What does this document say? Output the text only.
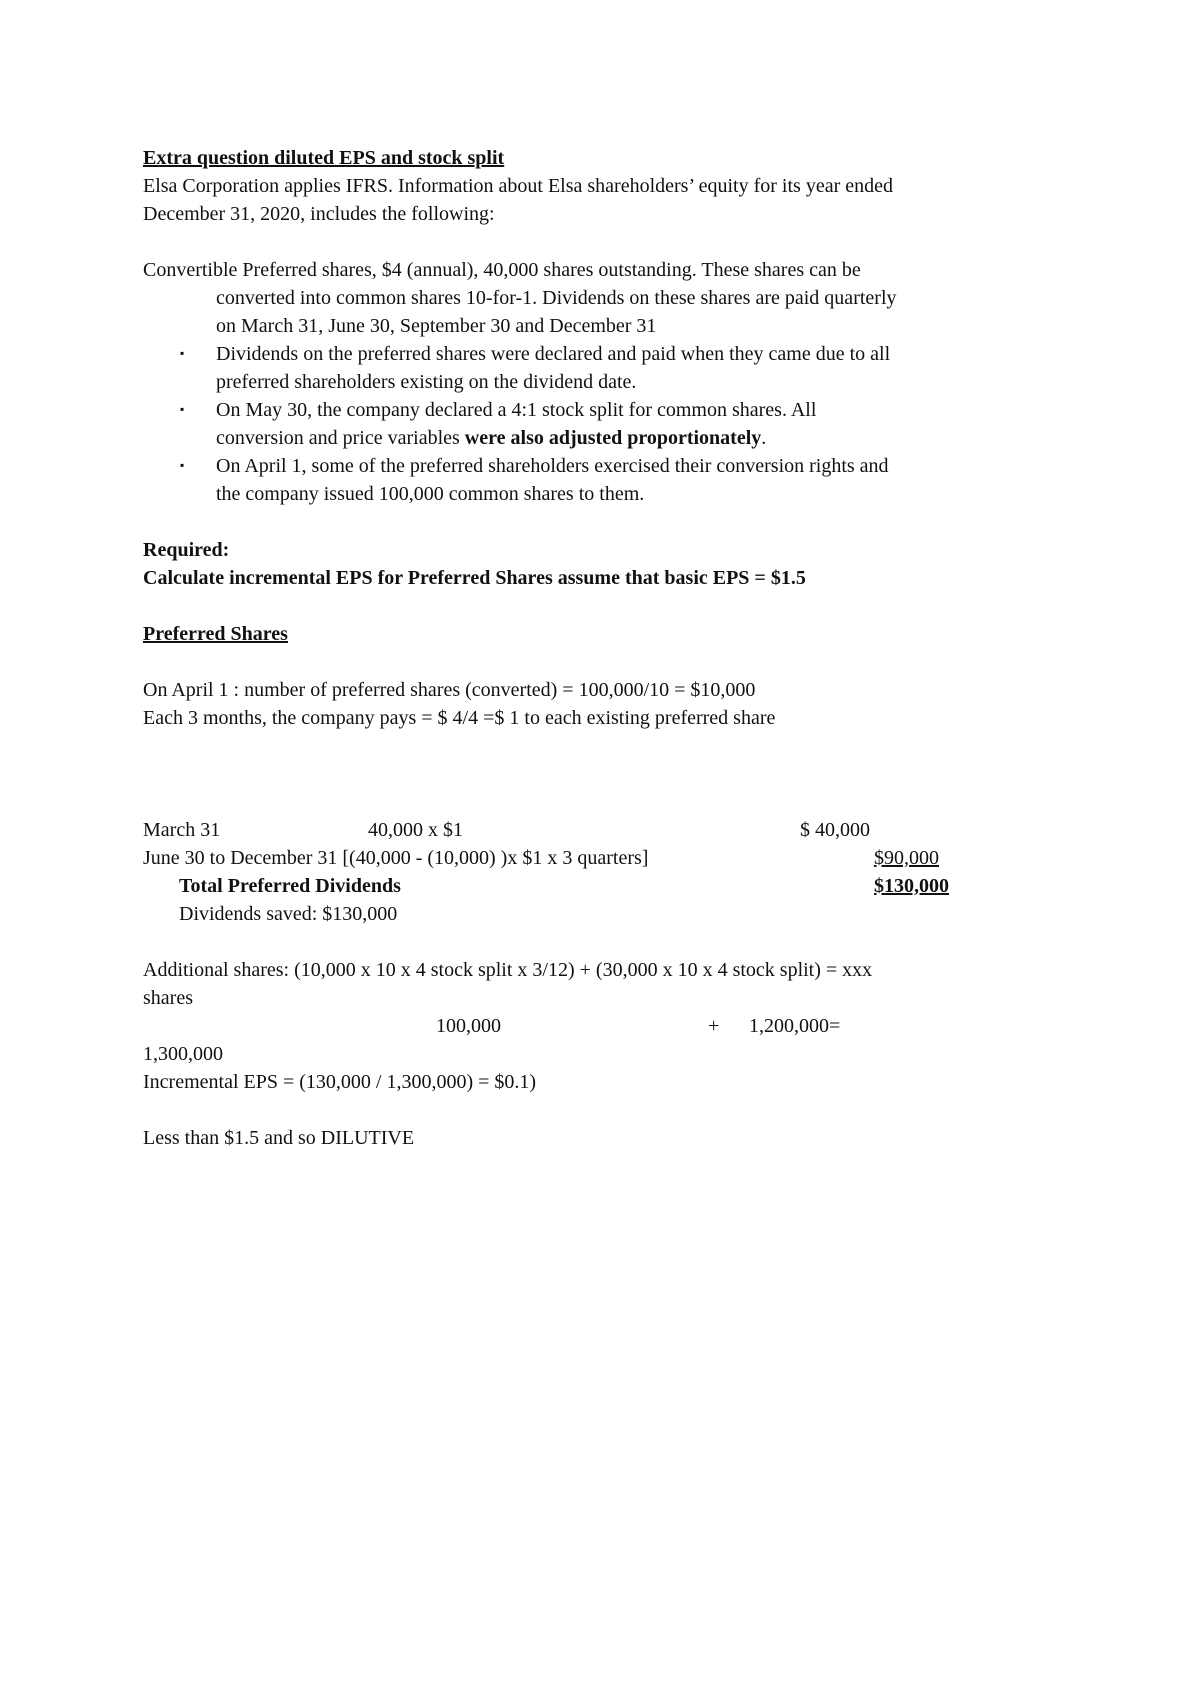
Extra question diluted EPS and stock split
Elsa Corporation applies IFRS. Information about Elsa shareholders’ equity for its year ended
December 31, 2020, includes the following:
Convertible Preferred shares, $4 (annual), 40,000 shares outstanding. These shares can be
converted into common shares 10-for-1. Dividends on these shares are paid quarterly
on March 31, June 30, September 30 and December 31
▪ Dividends on the preferred shares were declared and paid when they came due to all
preferred shareholders existing on the dividend date.
▪ On May 30, the company declared a 4:1 stock split for common shares. All
conversion and price variables were also adjusted proportionately.
▪ On April 1, some of the preferred shareholders exercised their conversion rights and
the company issued 100,000 common shares to them.
Required:
Calculate incremental EPS for Preferred Shares assume that basic EPS = $1.5
Preferred Shares
On April 1 : number of preferred shares (converted) = 100,000/10 = $10,000
Each 3 months, the company pays = $ 4/4 =$ 1 to each existing preferred share
March 31	40,000 x $1	$ 40,000
June 30 to December 31 [(40,000 - (10,000) )x $1 x 3 quarters]	$90,000
Total Preferred Dividends	$130,000
Dividends saved: $130,000
Additional shares: (10,000 x 10 x 4 stock split x 3/12) + (30,000 x 10 x 4 stock split) = xxx
shares
100,000	+ 1,200,000=
1,300,000
Incremental EPS = (130,000 / 1,300,000) = $0.1)
Less than $1.5 and so DILUTIVE
